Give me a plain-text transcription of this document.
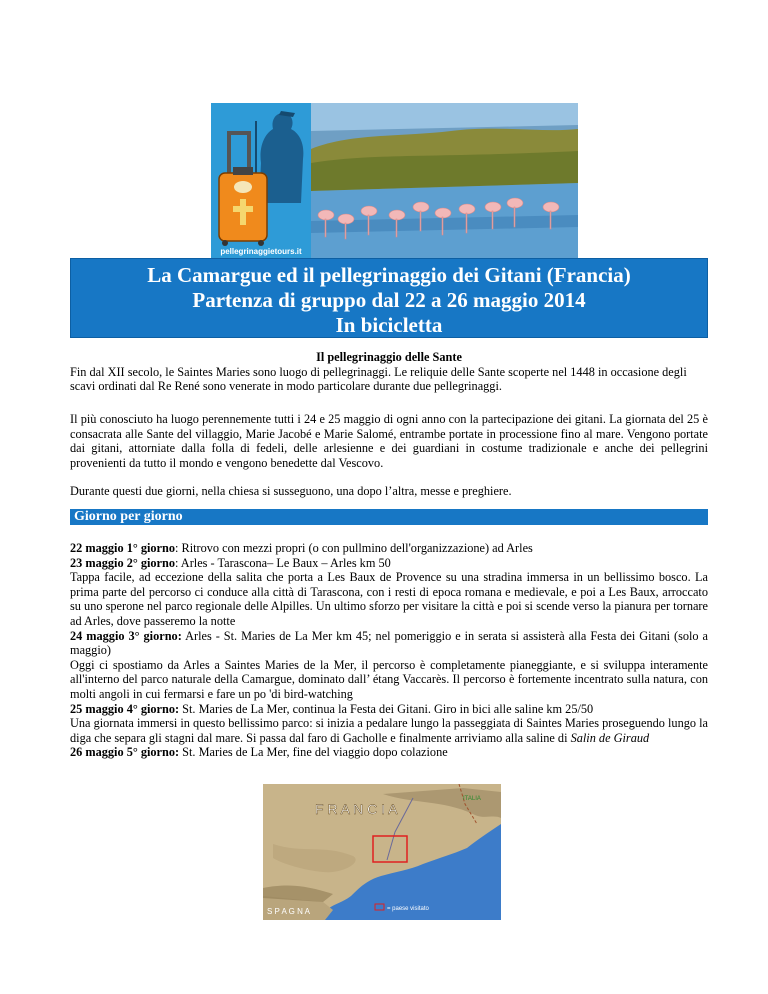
pellegrinaggietours.it
La Camargue ed il pellegrinaggio dei Gitani (Francia)
Partenza di gruppo dal 22 a 26 maggio 2014
In bicicletta
Il pellegrinaggio delle Sante
Fin dal XII secolo, le Saintes Maries sono luogo di pellegrinaggi. Le reliquie delle Sante scoperte nel 1448 in occasione degli scavi ordinati dal Re René sono venerate in modo particolare durante due pellegrinaggi.
Il più conosciuto ha luogo perennemente tutti i 24 e 25 maggio di ogni anno con la partecipazione dei gitani. La giornata del 25 è consacrata alle Sante del villaggio, Marie Jacobé e Marie Salomé, entrambe portate in processione fino al mare. Vengono portate dai gitani, attorniate dalla folla di fedeli, delle arlesienne e dei guardiani in costume tradizionale e anche dei pellegrini provenienti da tutto il mondo e vengono benedette dal Vescovo.
Durante questi due giorni, nella chiesa si susseguono, una dopo l’altra, messe e preghiere.
Giorno per giorno
22 maggio 1° giorno: Ritrovo con mezzi propri (o con pullmino dell'organizzazione) ad Arles
23 maggio 2° giorno: Arles - Tarascona– Le Baux – Arles km 50
Tappa facile, ad eccezione della salita che porta a Les Baux de Provence su una stradina immersa in un bellissimo bosco. La prima parte del percorso ci conduce alla città di Tarascona, con i resti di epoca romana e medievale, e poi a Les Baux, arroccato su uno sperone nel parco regionale delle Alpilles. Un ultimo sforzo per visitare la città e poi si scende verso la pianura per tornare ad Arles, dove passeremo la notte
24 maggio 3° giorno: Arles - St. Maries de La Mer km 45; nel pomeriggio e in serata si assisterà alla Festa dei Gitani (solo a maggio)
Oggi ci spostiamo da Arles a Saintes Maries de la Mer, il percorso è completamente pianeggiante, e si sviluppa interamente all'interno del parco naturale della Camargue, dominato dall’ étang Vaccarès. Il percorso è fortemente incentrato sulla natura, con molti angoli in cui fermarsi e fare un po 'di bird-watching
25 maggio 4° giorno: St. Maries de La Mer, continua la Festa dei Gitani. Giro in bici alle saline km 25/50
Una giornata immersi in questo bellissimo parco: si inizia a pedalare lungo la passeggiata di Saintes Maries proseguendo lungo la diga che separa gli stagni dal mare. Si passa dal faro di Gacholle e finalmente arriviamo alla saline di Salin de Giraud
26 maggio 5° giorno: St. Maries de La Mer, fine del viaggio dopo colazione
F R A N C I A
ITALIA
S P A G N A	= paese visitato
